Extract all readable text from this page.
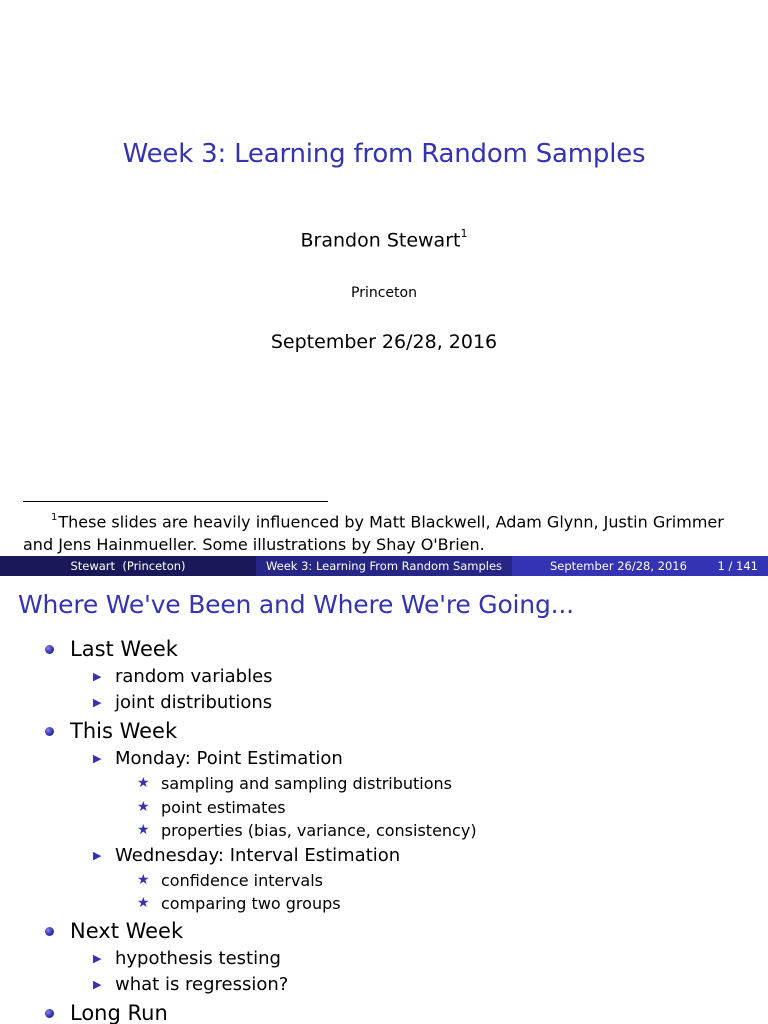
Week 3: Learning from Random Samples
Brandon Stewart$^1$
Princeton
September 26/28, 2016
$^1$These slides are heavily influenced by Matt Blackwell, Adam Glynn, Justin Grimmer
and Jens Hainmueller. Some illustrations by Shay O'Brien.
Stewart  (Princeton)	Week 3: Learning From Random Samples	September 26/28, 2016	1 / 141
Where We've Been and Where We're Going...
Last Week
▶ random variables
▶ joint distributions
This Week
▶ Monday: Point Estimation
★ sampling and sampling distributions
★ point estimates
★ properties (bias, variance, consistency)
▶ Wednesday: Interval Estimation
★ confidence intervals
★ comparing two groups
Next Week
▶ hypothesis testing
▶ what is regression?
Long Run
